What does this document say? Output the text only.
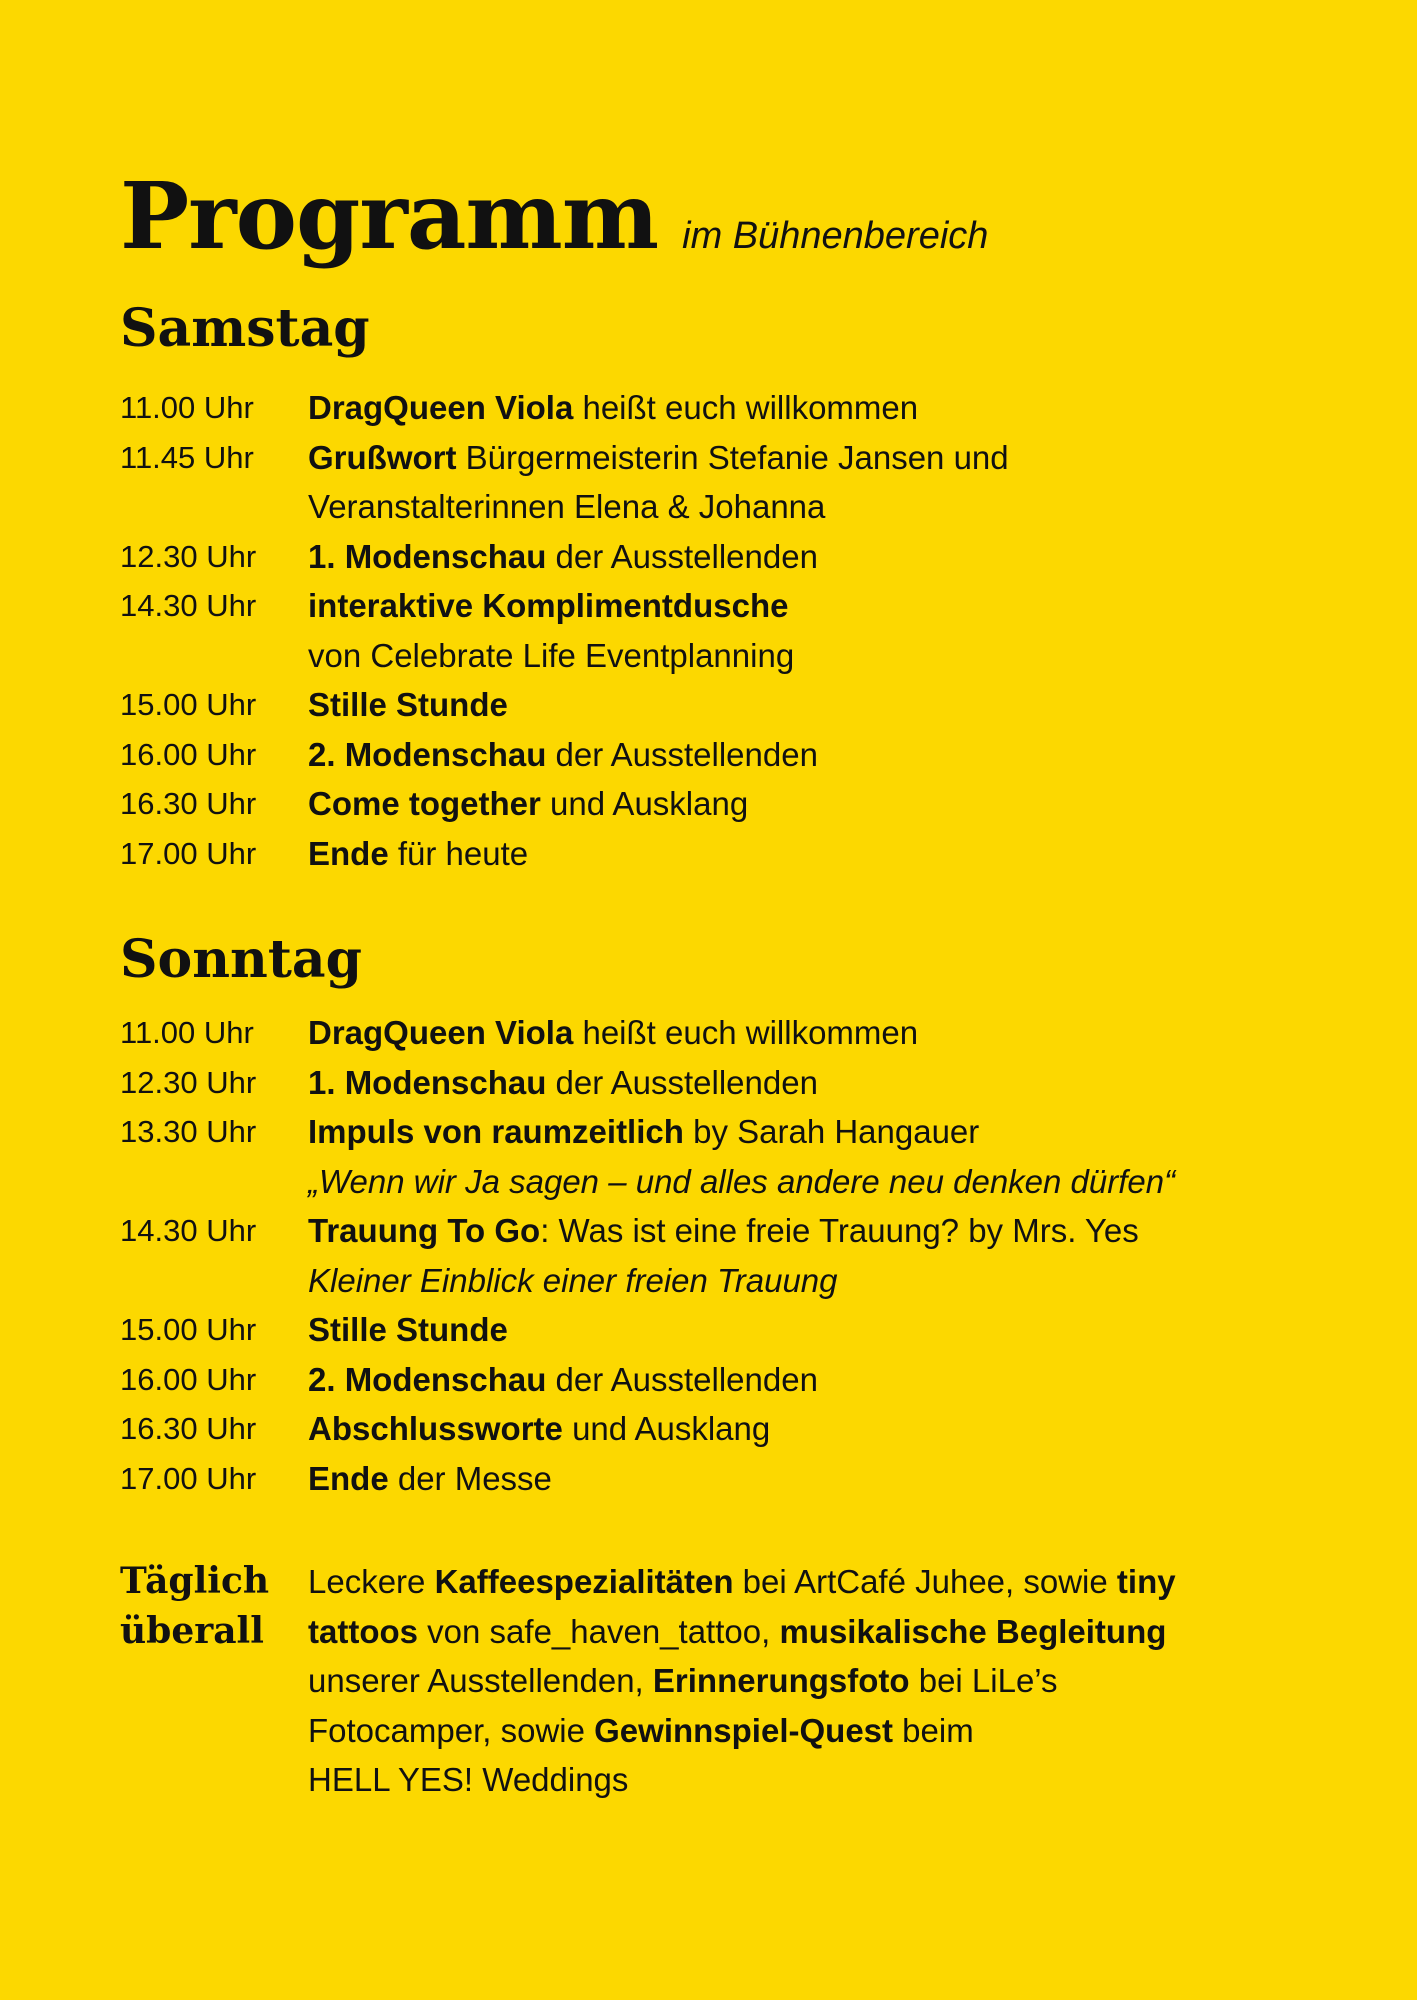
Programm im Bühnenbereich
Samstag
11.00 Uhr	DragQueen Viola heißt euch willkommen
11.45 Uhr	Grußwort Bürgermeisterin Stefanie Jansen und
Veranstalterinnen Elena & Johanna
12.30 Uhr	1. Modenschau der Ausstellenden
14.30 Uhr	interaktive Komplimentdusche
von Celebrate Life Eventplanning
15.00 Uhr	Stille Stunde
16.00 Uhr	2. Modenschau der Ausstellenden
16.30 Uhr	Come together und Ausklang
17.00 Uhr	Ende für heute
Sonntag
11.00 Uhr	DragQueen Viola heißt euch willkommen
12.30 Uhr	1. Modenschau der Ausstellenden
13.30 Uhr	Impuls von raumzeitlich by Sarah Hangauer
„Wenn wir Ja sagen – und alles andere neu denken dürfen“
14.30 Uhr	Trauung To Go: Was ist eine freie Trauung? by Mrs. Yes
Kleiner Einblick einer freien Trauung
15.00 Uhr	Stille Stunde
16.00 Uhr	2. Modenschau der Ausstellenden
16.30 Uhr	Abschlussworte und Ausklang
17.00 Uhr	Ende der Messe
Täglich
überall
Leckere Kaffeespezialitäten bei ArtCafé Juhee, sowie tiny
tattoos von safe_haven_tattoo, musikalische Begleitung
unserer Ausstellenden, Erinnerungsfoto bei LiLe’s
Fotocamper, sowie Gewinnspiel-Quest beim
HELL YES! Weddings
